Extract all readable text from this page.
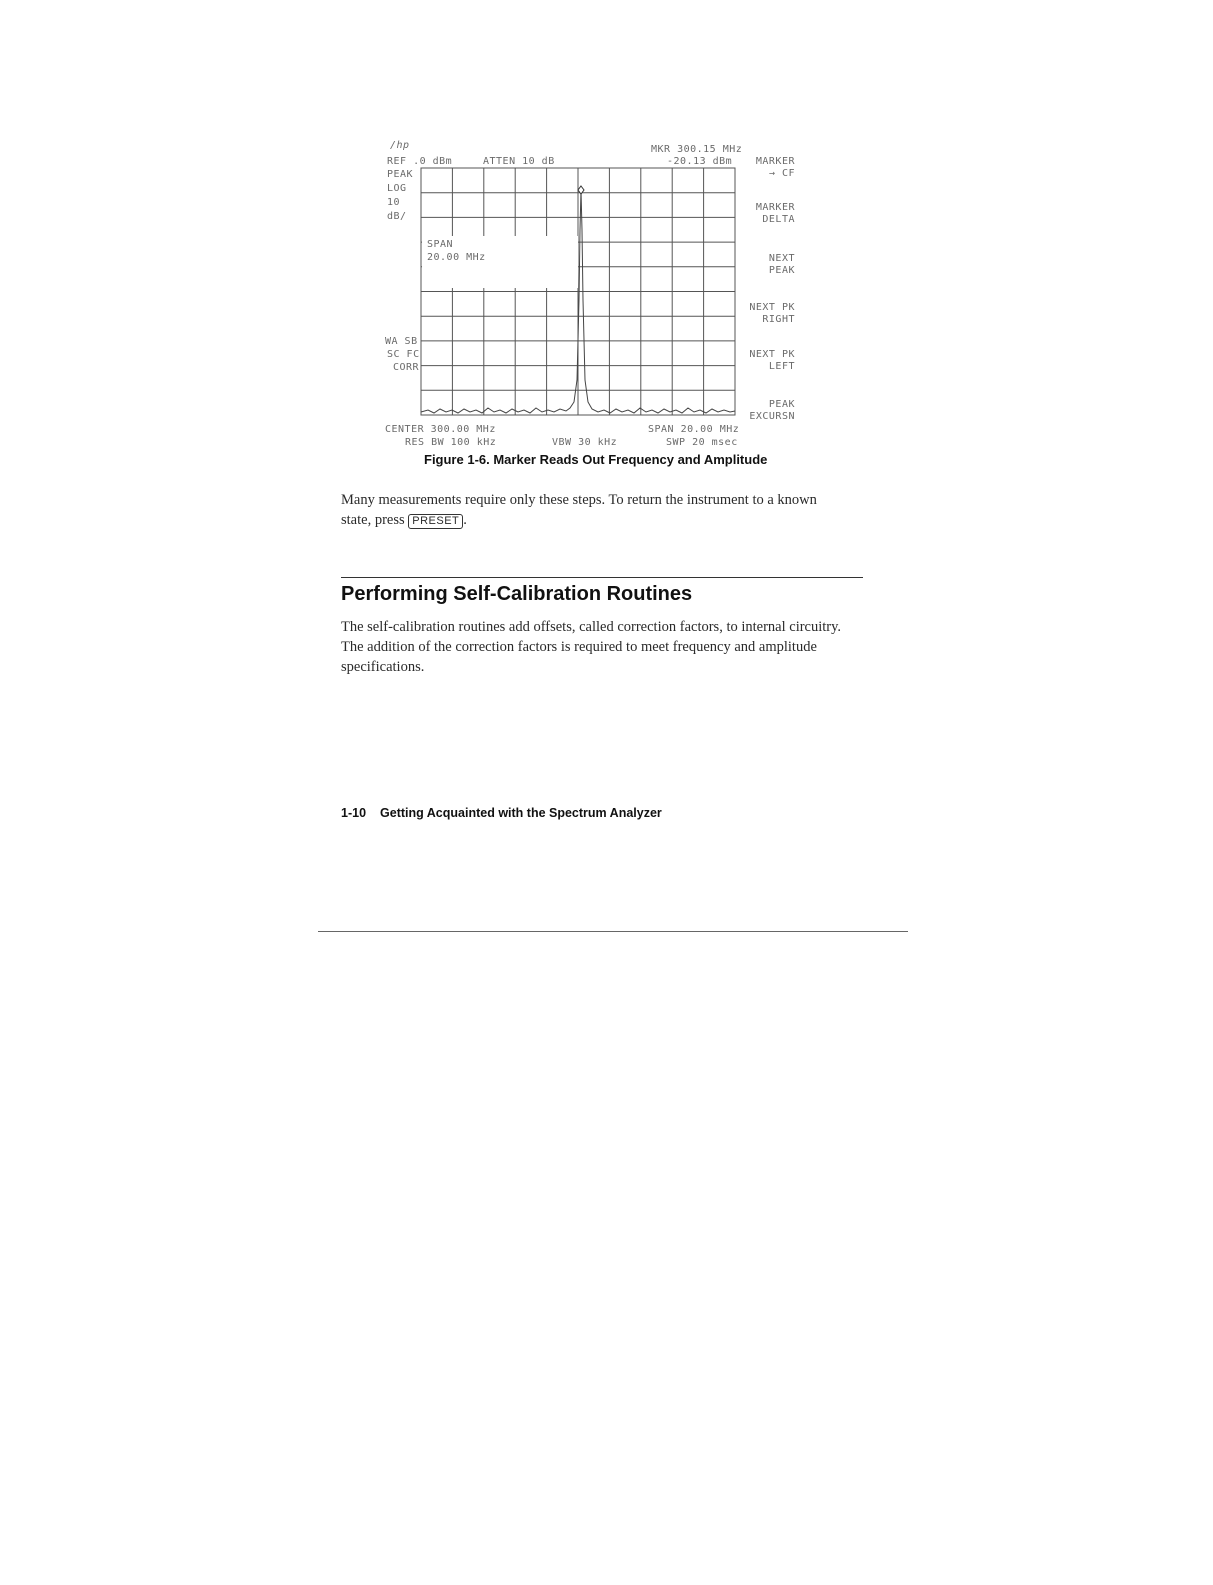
/hp
REF .0 dBm	ATTEN 10 dB
MKR 300.15 MHz
-20.13 dBm
PEAK
LOG
10
dB/
WA SB
SC FC
CORR
SPAN
20.00 MHz
CENTER 300.00 MHz
RES BW 100 kHz	VBW 30 kHz
SPAN 20.00 MHz
SWP 20 msec
MARKER
→ CF
MARKER
DELTA
NEXT
PEAK
NEXT PK
RIGHT
NEXT PK
LEFT
PEAK
EXCURSN
Figure 1-6. Marker Reads Out Frequency and Amplitude
Many measurements require only these steps. To return the instrument to a known state, press PRESET .
Performing Self-Calibration Routines
The self-calibration routines add offsets, called correction factors, to internal circuitry. The addition of the correction factors is required to meet frequency and amplitude specifications.
1-10 Getting Acquainted with the Spectrum Analyzer
